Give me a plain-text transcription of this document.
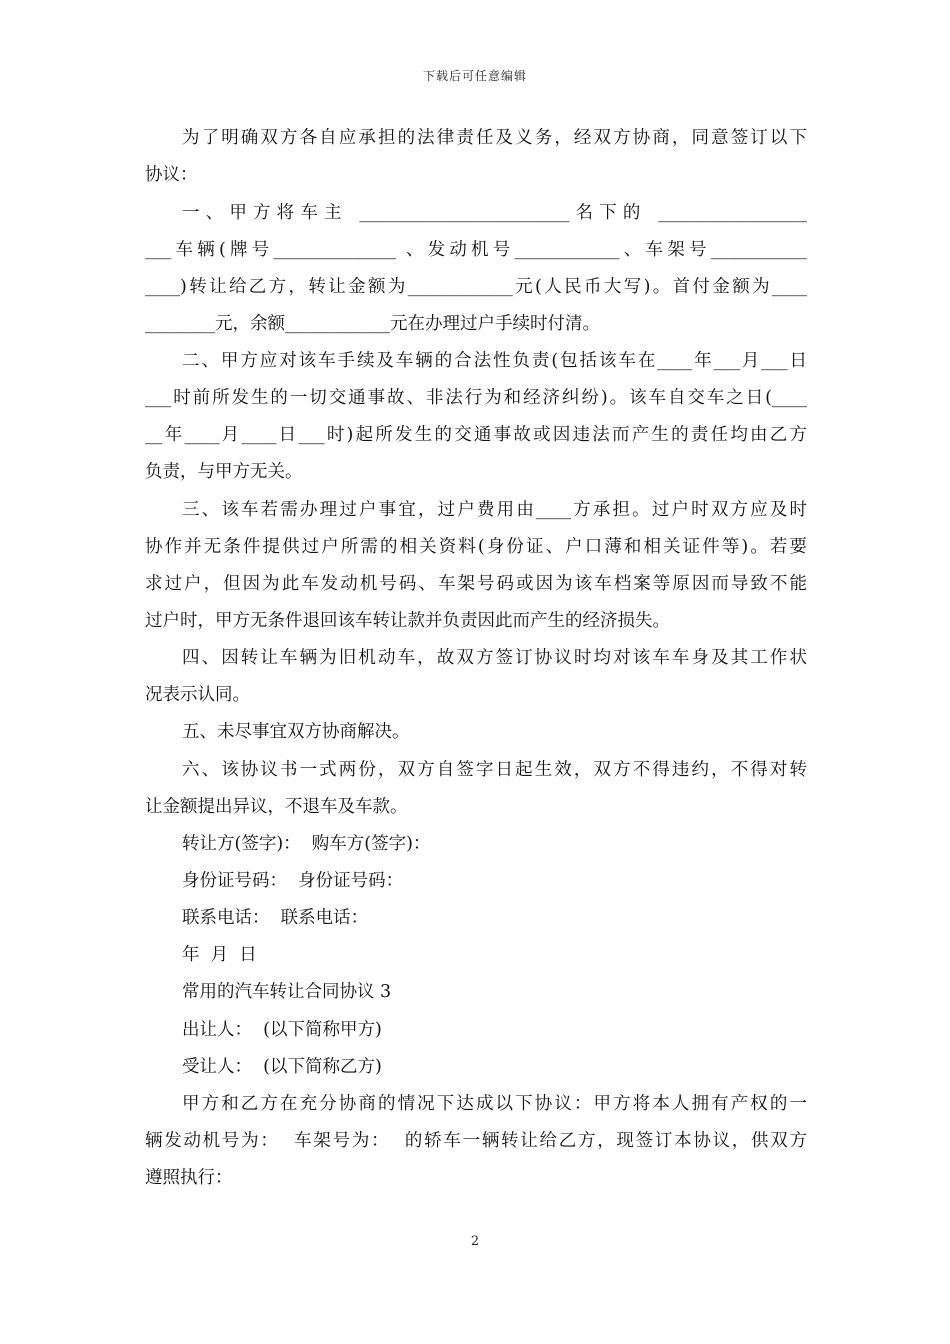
下载后可任意编辑
为了明确双方各自应承担的法律责任及义务，经双方协商，同意签订以下
协议：
一、甲方将车主 ________________________名下的 _________________
___车辆(牌号______________ 、发动机号____________、车架号___________
____)转让给乙方，转让金额为____________元(人民币大写)。首付金额为____
________元，余额____________元在办理过户手续时付清。
二、甲方应对该车手续及车辆的合法性负责(包括该车在____年___月___日
___时前所发生的一切交通事故、非法行为和经济纠纷)。该车自交车之日(____
__年____月____日___时)起所发生的交通事故或因违法而产生的责任均由乙方
负责，与甲方无关。
三、该车若需办理过户事宜，过户费用由____方承担。过户时双方应及时
协作并无条件提供过户所需的相关资料(身份证、户口薄和相关证件等)。若要
求过户，但因为此车发动机号码、车架号码或因为该车档案等原因而导致不能
过户时，甲方无条件退回该车转让款并负责因此而产生的经济损失。
四、因转让车辆为旧机动车，故双方签订协议时均对该车车身及其工作状
况表示认同。
五、未尽事宜双方协商解决。
六、该协议书一式两份，双方自签字日起生效，双方不得违约，不得对转
让金额提出异议，不退车及车款。
转让方(签字)：  购车方(签字)：
身份证号码：  身份证号码：
联系电话：  联系电话：
年  月  日
常用的汽车转让合同协议 3
出让人：  (以下简称甲方)
受让人：  (以下简称乙方)
甲方和乙方在充分协商的情况下达成以下协议：甲方将本人拥有产权的一
辆发动机号为：  车架号为：  的轿车一辆转让给乙方，现签订本协议，供双方
遵照执行：
2
